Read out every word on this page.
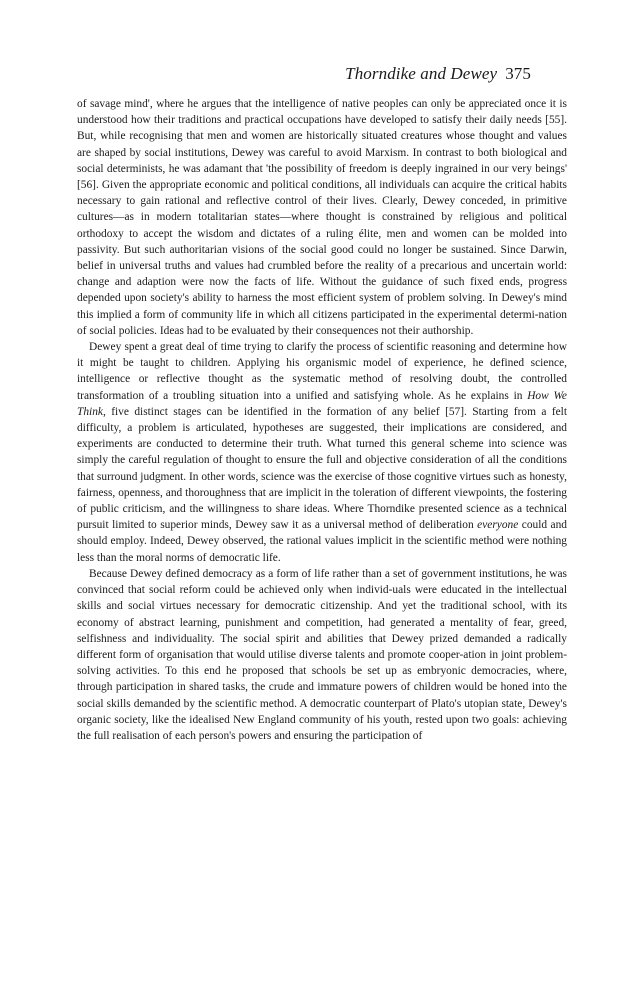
Thorndike and Dewey 375

of savage mind', where he argues that the intelligence of native peoples can only be appreciated once it is understood how their traditions and practical occupations have developed to satisfy their daily needs [55]. But, while recognising that men and women are historically situated creatures whose thought and values are shaped by social institutions, Dewey was careful to avoid Marxism. In contrast to both biological and social determinists, he was adamant that 'the possibility of freedom is deeply ingrained in our very beings' [56]. Given the appropriate economic and political conditions, all individuals can acquire the critical habits necessary to gain rational and reflective control of their lives. Clearly, Dewey conceded, in primitive cultures—as in modern totalitarian states—where thought is constrained by religious and political orthodoxy to accept the wisdom and dictates of a ruling élite, men and women can be molded into passivity. But such authoritarian visions of the social good could no longer be sustained. Since Darwin, belief in universal truths and values had crumbled before the reality of a precarious and uncertain world: change and adaption were now the facts of life. Without the guidance of such fixed ends, progress depended upon society's ability to harness the most efficient system of problem solving. In Dewey's mind this implied a form of community life in which all citizens participated in the experimental determi-nation of social policies. Ideas had to be evaluated by their consequences not their authorship.

Dewey spent a great deal of time trying to clarify the process of scientific reasoning and determine how it might be taught to children. Applying his organismic model of experience, he defined science, intelligence or reflective thought as the systematic method of resolving doubt, the controlled transformation of a troubling situation into a unified and satisfying whole. As he explains in How We Think, five distinct stages can be identified in the formation of any belief [57]. Starting from a felt difficulty, a problem is articulated, hypotheses are suggested, their implications are considered, and experiments are conducted to determine their truth. What turned this general scheme into science was simply the careful regulation of thought to ensure the full and objective consideration of all the conditions that surround judgment. In other words, science was the exercise of those cognitive virtues such as honesty, fairness, openness, and thoroughness that are implicit in the toleration of different viewpoints, the fostering of public criticism, and the willingness to share ideas. Where Thorndike presented science as a technical pursuit limited to superior minds, Dewey saw it as a universal method of deliberation everyone could and should employ. Indeed, Dewey observed, the rational values implicit in the scientific method were nothing less than the moral norms of democratic life.

Because Dewey defined democracy as a form of life rather than a set of government institutions, he was convinced that social reform could be achieved only when individ-uals were educated in the intellectual skills and social virtues necessary for democratic citizenship. And yet the traditional school, with its economy of abstract learning, punishment and competition, had generated a mentality of fear, greed, selfishness and individuality. The social spirit and abilities that Dewey prized demanded a radically different form of organisation that would utilise diverse talents and promote cooper-ation in joint problem-solving activities. To this end he proposed that schools be set up as embryonic democracies, where, through participation in shared tasks, the crude and immature powers of children would be honed into the social skills demanded by the scientific method. A democratic counterpart of Plato's utopian state, Dewey's organic society, like the idealised New England community of his youth, rested upon two goals: achieving the full realisation of each person's powers and ensuring the participation of
